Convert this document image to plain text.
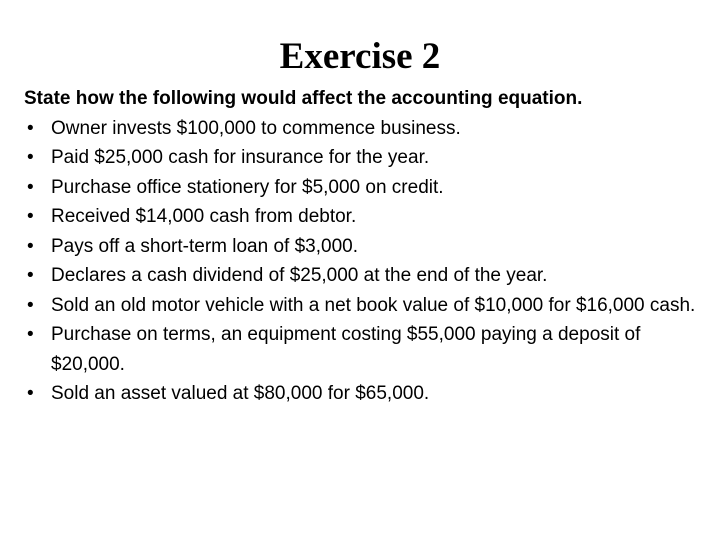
Exercise 2
State how the following would affect the accounting equation.
• Owner invests $100,000 to commence business.
• Paid $25,000 cash for insurance for the year.
• Purchase office stationery for $5,000 on credit.
• Received $14,000 cash from debtor.
• Pays off a short-term loan of $3,000.
• Declares a cash dividend of $25,000 at the end of the year.
• Sold an old motor vehicle with a net book value of $10,000 for $16,000 cash.
• Purchase on terms, an equipment costing $55,000 paying a deposit of $20,000.
• Sold an asset valued at $80,000 for $65,000.
